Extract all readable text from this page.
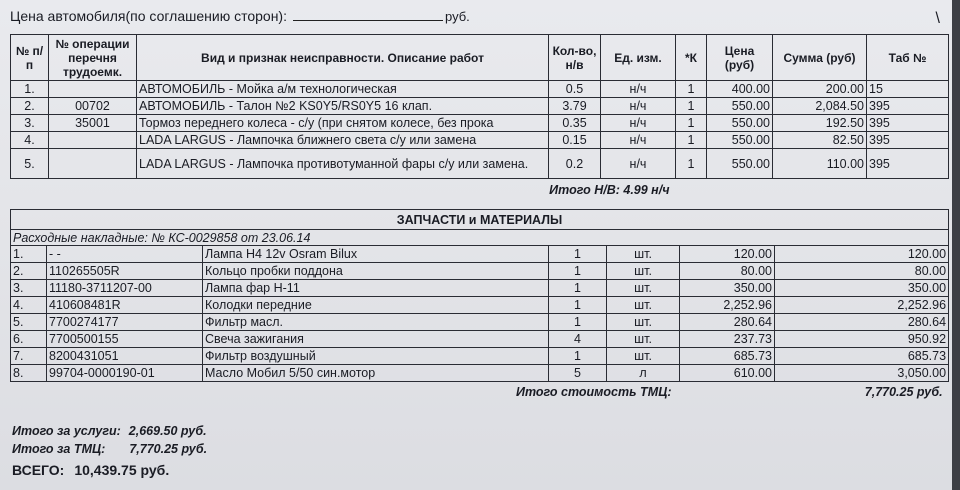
Цена автомобиля(по соглашению сторон):	руб.	\
№ п/п	№ операции перечня трудоемк.	Вид и признак неисправности. Описание работ	Кол-во, н/в	Ед. изм.	*К	Цена (руб)	Сумма (руб)	Таб №
1.		АВТОМОБИЛЬ - Мойка а/м технологическая	0.5	н/ч	1	400.00	200.00	15
2.	00702	АВТОМОБИЛЬ - Талон №2 KS0Y5/RS0Y5 16 клап.	3.79	н/ч	1	550.00	2,084.50	395
3.	35001	Тормоз переднего колеса - с/у (при снятом колесе, без прока	0.35	н/ч	1	550.00	192.50	395
4.		LADA LARGUS - Лампочка ближнего света с/у или замена	0.15	н/ч	1	550.00	82.50	395
5.		LADA LARGUS - Лампочка противотуманной фары с/у или замена.	0.2	н/ч	1	550.00	110.00	395
Итого Н/В: 4.99 н/ч								
ЗАПЧАСТИ и МАТЕРИАЛЫ						
Расходные накладные: № КС-0029858 от 23.06.14						
1.	- -	Лампа H4 12v Osram Bilux	1	шт.	120.00	120.00
2.	110265505R	Кольцо пробки поддона	1	шт.	80.00	80.00
3.	11180-3711207-00	Лампа фар Н-11	1	шт.	350.00	350.00
4.	410608481R	Колодки передние	1	шт.	2,252.96	2,252.96
5.	7700274177	Фильтр масл.	1	шт.	280.64	280.64
6.	7700500155	Свеча зажигания	4	шт.	237.73	950.92
7.	8200431051	Фильтр воздушный	1	шт.	685.73	685.73
8.	99704-0000190-01	Масло Мобил 5/50 син.мотор	5	л	610.00	3,050.00
Итого стоимость ТМЦ:					7,770.25 руб.	
Итого за услуги: 2,669.50 руб.
Итого за ТМЦ: 7,770.25 руб.
ВСЕГО: 10,439.75 руб.
